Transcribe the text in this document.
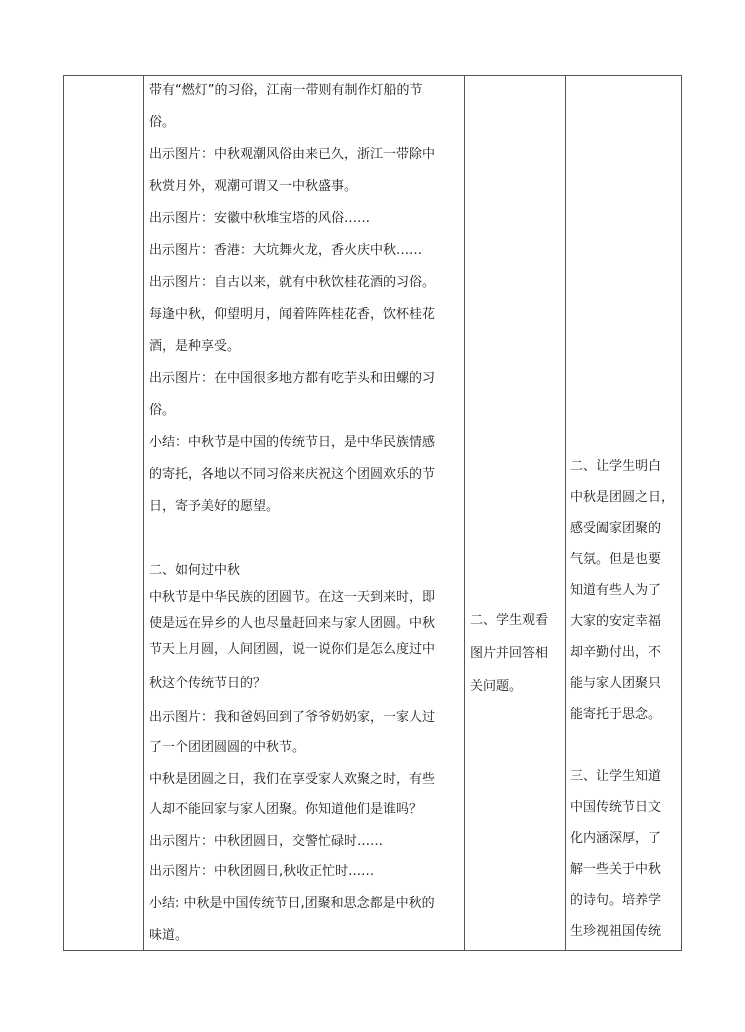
带有“燃灯”的习俗，江南一带则有制作灯船的节
俗。
出示图片：中秋观潮风俗由来已久，浙江一带除中
秋赏月外，观潮可谓又一中秋盛事。
出示图片：安徽中秋堆宝塔的风俗……
出示图片：香港：大坑舞火龙，香火庆中秋……
出示图片：自古以来，就有中秋饮桂花酒的习俗。
每逢中秋，仰望明月，闻着阵阵桂花香，饮杯桂花
酒，是种享受。
出示图片：在中国很多地方都有吃芋头和田螺的习
俗。
小结：中秋节是中国的传统节日，是中华民族情感
的寄托，各地以不同习俗来庆祝这个团圆欢乐的节
日，寄予美好的愿望。
二、如何过中秋
中秋节是中华民族的团圆节。在这一天到来时，即
使是远在异乡的人也尽量赶回来与家人团圆。中秋
节天上月圆，人间团圆，说一说你们是怎么度过中
秋这个传统节日的？
出示图片：我和爸妈回到了爷爷奶奶家，一家人过
了一个团团圆圆的中秋节。
中秋是团圆之日，我们在享受家人欢聚之时，有些
人却不能回家与家人团聚。你知道他们是谁吗？
出示图片：中秋团圆日，交警忙碌时……
出示图片：中秋团圆日,秋收正忙时……
小结: 中秋是中国传统节日,团聚和思念都是中秋的
味道。
二、学生观看
图片并回答相
关问题。
二、让学生明白
中秋是团圆之日，
感受阖家团聚的
气氛。但是也要
知道有些人为了
大家的安定幸福
却辛勤付出，不
能与家人团聚只
能寄托于思念。
三、让学生知道
中国传统节日文
化内涵深厚，了
解一些关于中秋
的诗句。培养学
生珍视祖国传统
